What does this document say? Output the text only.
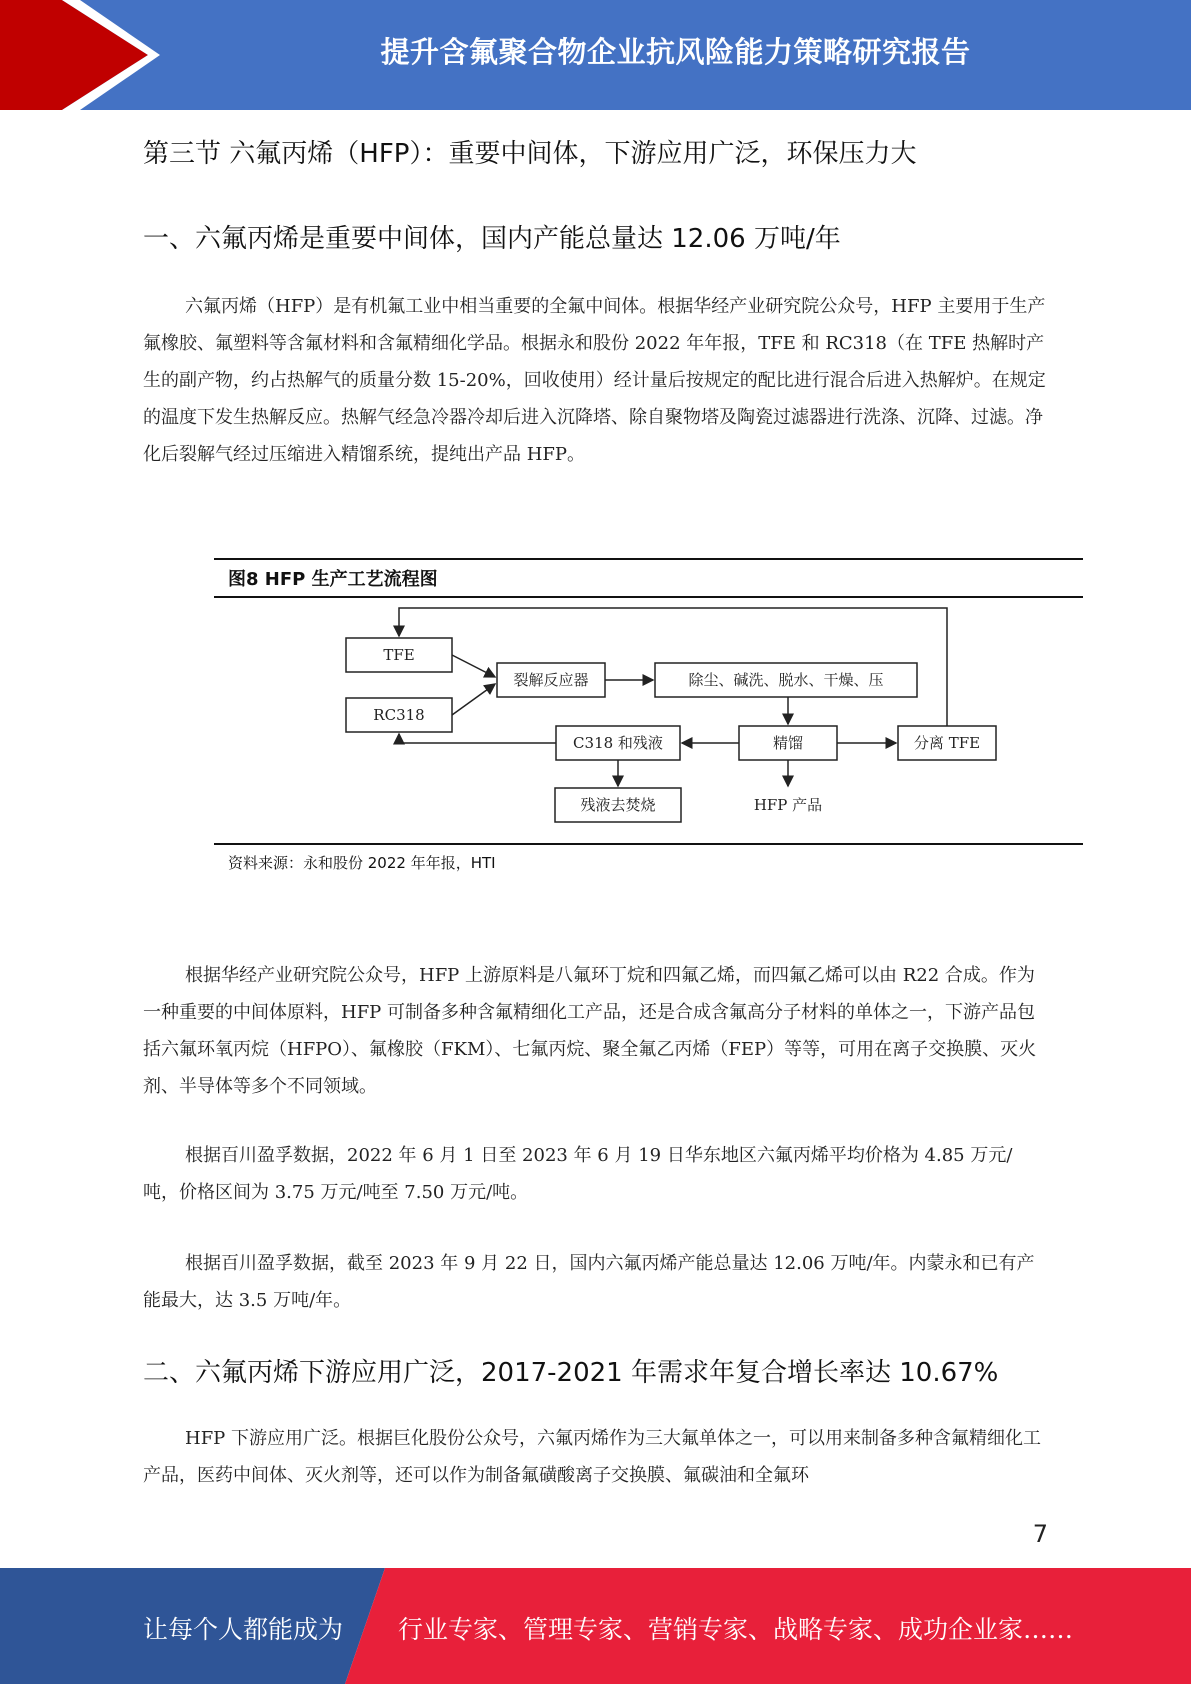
提升含氟聚合物企业抗风险能力策略研究报告
第三节 六氟丙烯（HFP）：重要中间体，下游应用广泛，环保压力大
一、六氟丙烯是重要中间体，国内产能总量达 12.06 万吨/年

六氟丙烯（HFP）是有机氟工业中相当重要的全氟中间体。根据华经产业研究院公众号，HFP 主要用于生产氟橡胶、氟塑料等含氟材料和含氟精细化学品。根据永和股份 2022 年年报，TFE 和 RC318（在 TFE 热解时产生的副产物，约占热解气的质量分数 15-20%，回收使用）经计量后按规定的配比进行混合后进入热解炉。在规定的温度下发生热解反应。热解气经急冷器冷却后进入沉降塔、除自聚物塔及陶瓷过滤器进行洗涤、沉降、过滤。净化后裂解气经过压缩进入精馏系统，提纯出产品 HFP。

图8 HFP 生产工艺流程图
TFE
RC318
裂解反应器	除尘、碱洗、脱水、干燥、压
C318 和残液	精馏	分离 TFE
残液去焚烧	HFP 产品
资料来源：永和股份 2022 年年报，HTI

根据华经产业研究院公众号，HFP 上游原料是八氟环丁烷和四氟乙烯，而四氟乙烯可以由 R22 合成。作为一种重要的中间体原料，HFP 可制备多种含氟精细化工产品，还是合成含氟高分子材料的单体之一，下游产品包括六氟环氧丙烷（HFPO）、氟橡胶（FKM）、七氟丙烷、聚全氟乙丙烯（FEP）等等，可用在离子交换膜、灭火剂、半导体等多个不同领域。

根据百川盈孚数据，2022 年 6 月 1 日至 2023 年 6 月 19 日华东地区六氟丙烯平均价格为 4.85 万元/吨，价格区间为 3.75 万元/吨至 7.50 万元/吨。

根据百川盈孚数据，截至 2023 年 9 月 22 日，国内六氟丙烯产能总量达 12.06 万吨/年。内蒙永和已有产能最大，达 3.5 万吨/年。

二、六氟丙烯下游应用广泛，2017-2021 年需求年复合增长率达 10.67%

HFP 下游应用广泛。根据巨化股份公众号，六氟丙烯作为三大氟单体之一，可以用来制备多种含氟精细化工产品，医药中间体、灭火剂等，还可以作为制备氟磺酸离子交换膜、氟碳油和全氟环

7
让每个人都能成为 行业专家、管理专家、营销专家、战略专家、成功企业家……
